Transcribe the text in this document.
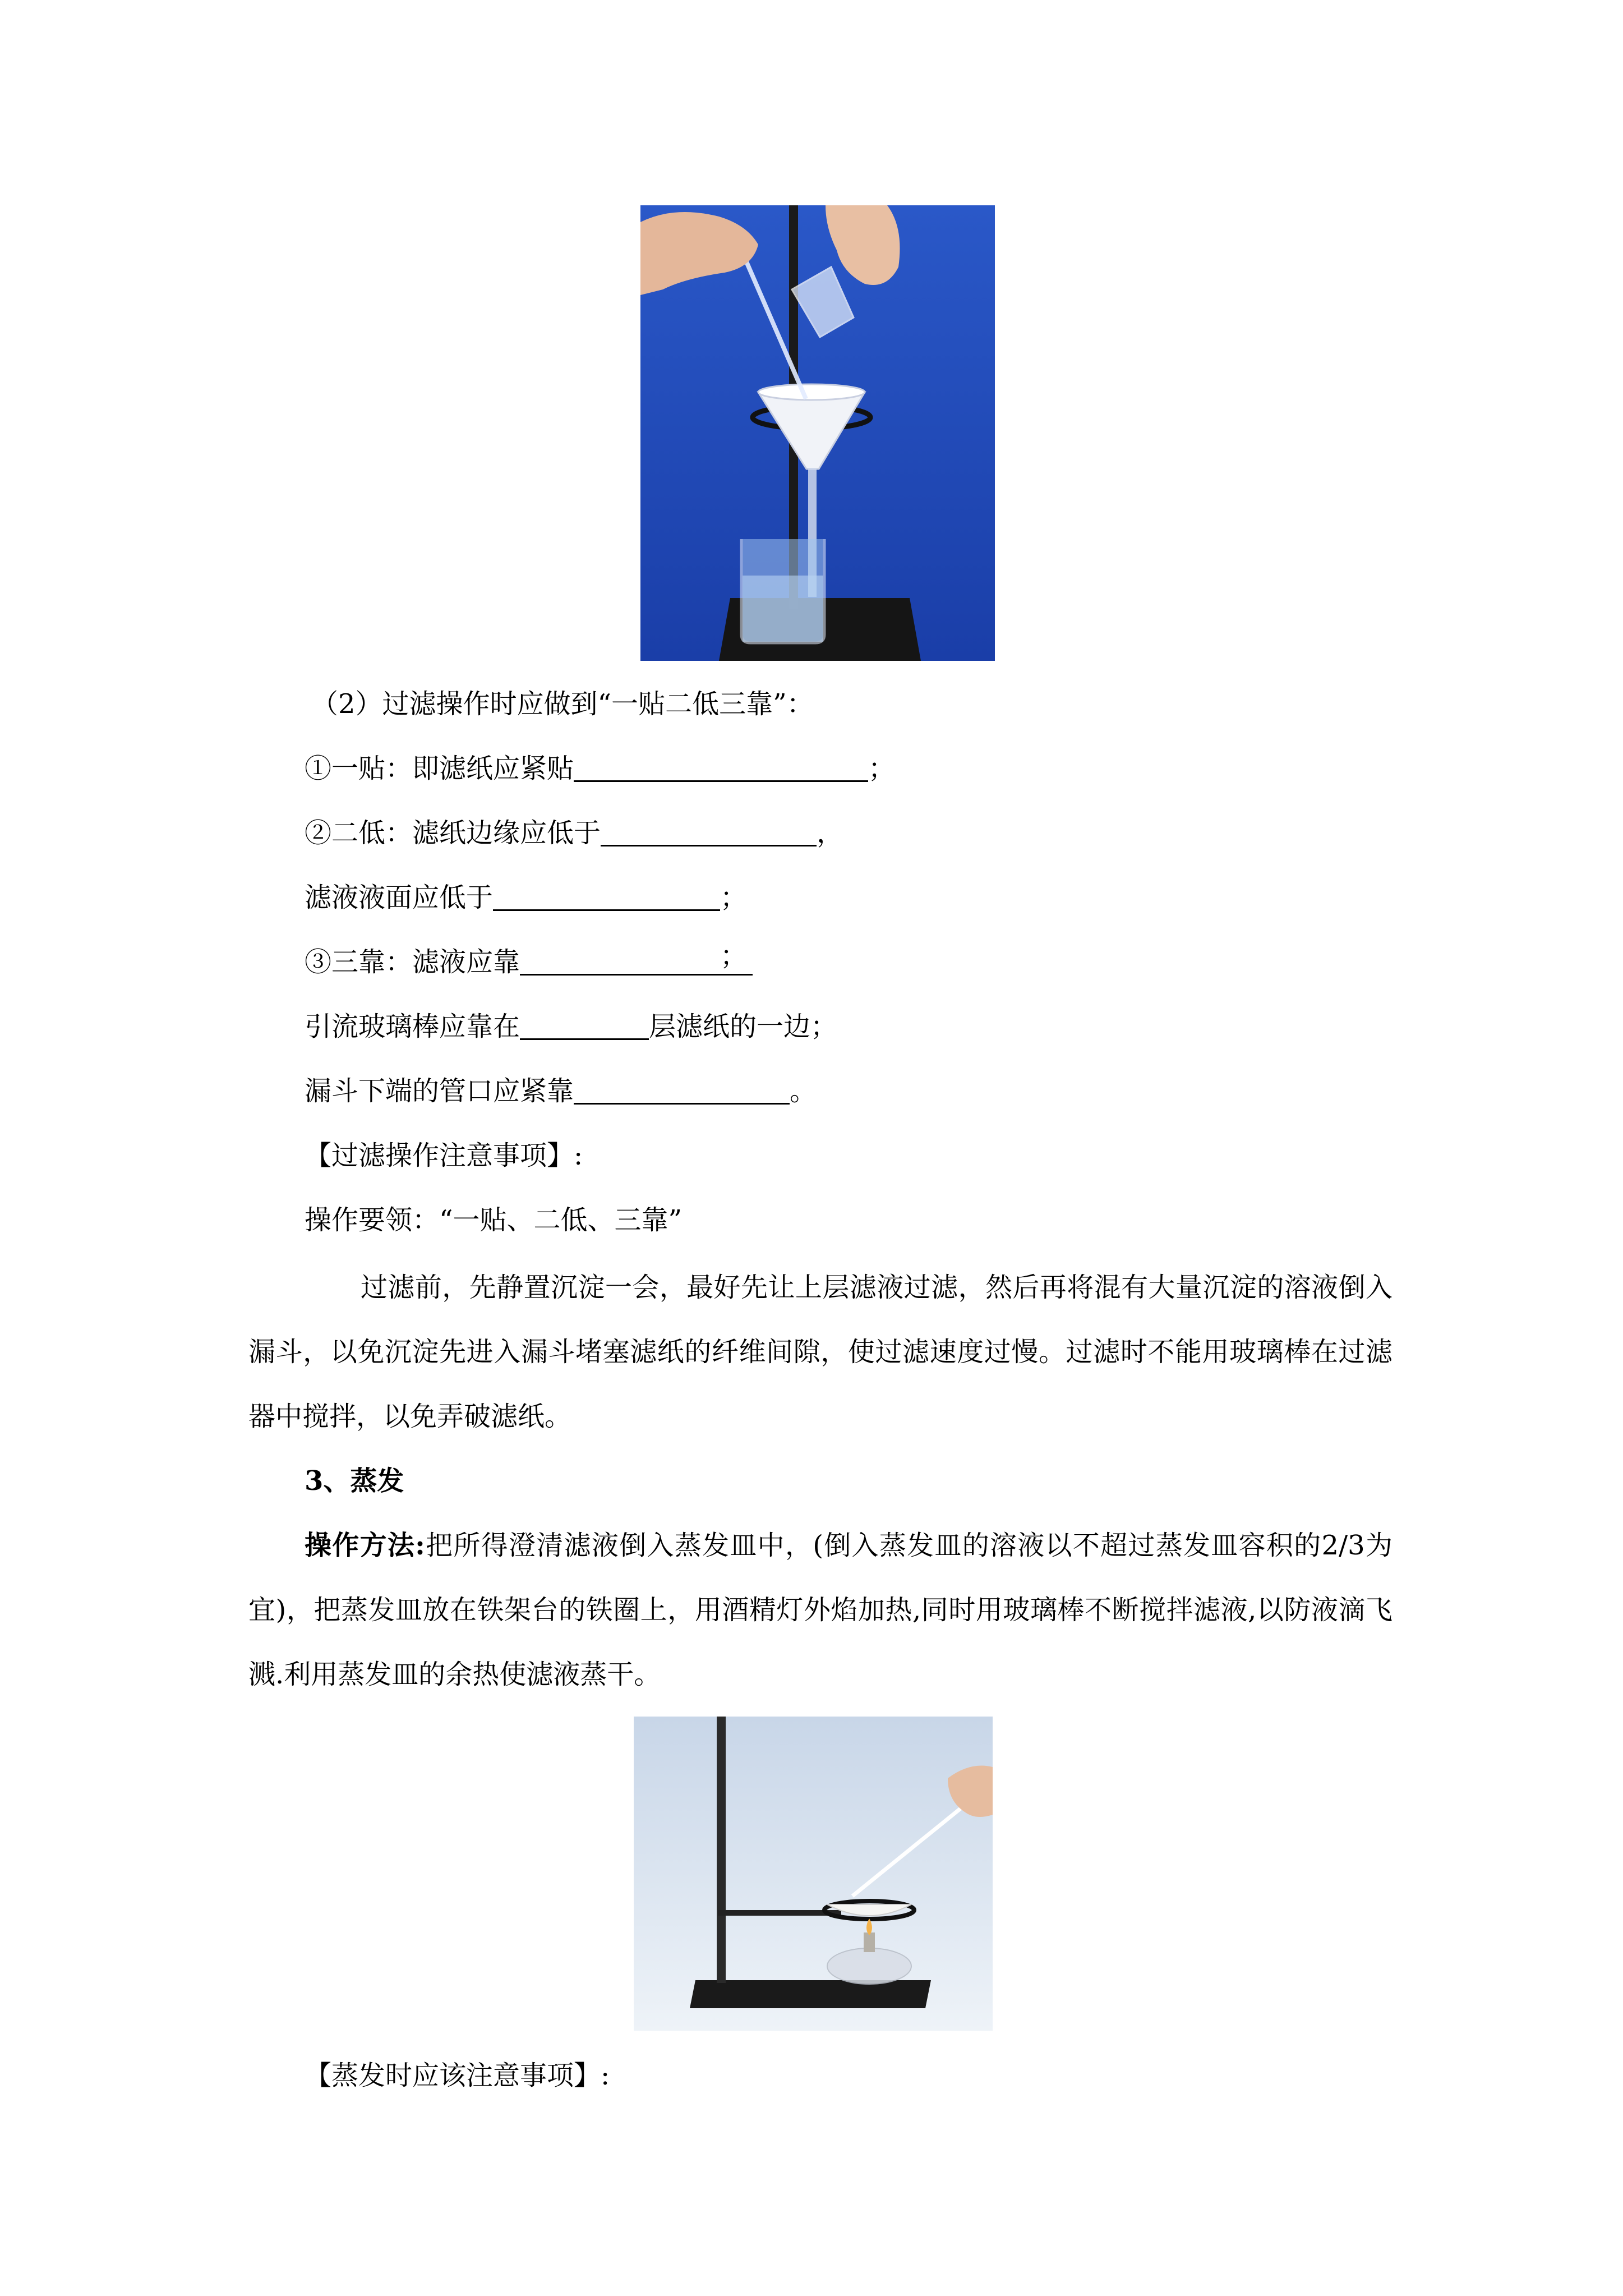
（2）过滤操作时应做到“一贴二低三靠”：
①一贴：即滤纸应紧贴	；
②二低：滤纸边缘应低于	，
滤液液面应低于	；
③三靠：滤液应靠	；
引流玻璃棒应靠在	层滤纸的一边；
漏斗下端的管口应紧靠	。
【过滤操作注意事项】:
操作要领：“一贴、二低、三靠”
过滤前，先静置沉淀一会，最好先让上层滤液过滤，然后再将混有大量沉淀的溶液倒入漏斗，以免沉淀先进入漏斗堵塞滤纸的纤维间隙，使过滤速度过慢。过滤时不能用玻璃棒在过滤器中搅拌，以免弄破滤纸。
3、蒸发
操作方法:把所得澄清滤液倒入蒸发皿中，(倒入蒸发皿的溶液以不超过蒸发皿容积的2/3为宜)，把蒸发皿放在铁架台的铁圈上，用酒精灯外焰加热,同时用玻璃棒不断搅拌滤液,以防液滴飞溅.利用蒸发皿的余热使滤液蒸干。
【蒸发时应该注意事项】:
